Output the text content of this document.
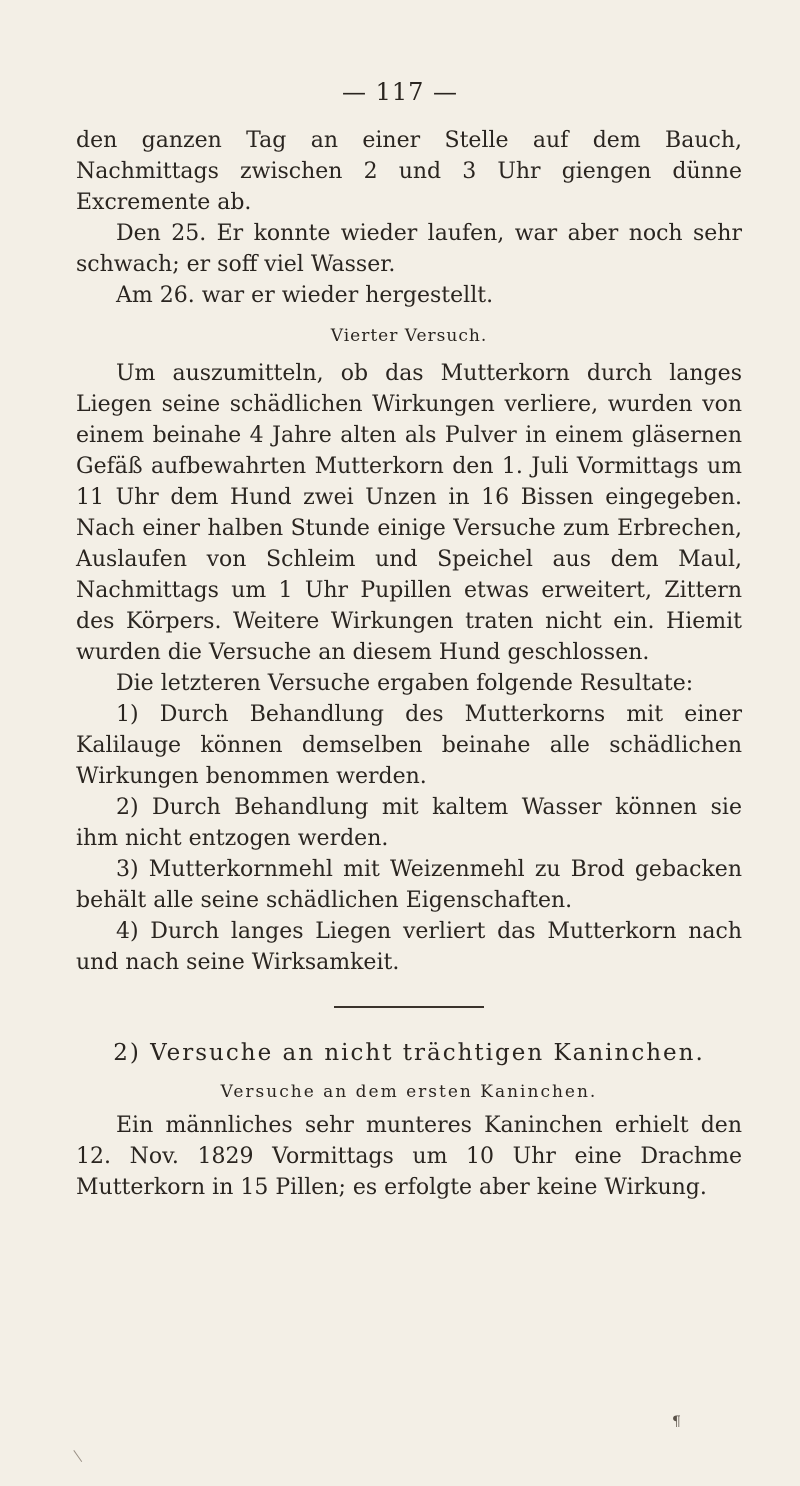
— 117 —

den ganzen Tag an einer Stelle auf dem Bauch, Nachmittags zwischen 2 und 3 Uhr giengen dünne Excremente ab.

Den 25. Er konnte wieder laufen, war aber noch sehr schwach; er soff viel Wasser.

Am 26. war er wieder hergestellt.

Vierter Versuch.

Um auszumitteln, ob das Mutterkorn durch langes Liegen seine schädlichen Wirkungen verliere, wurden von einem beinahe 4 Jahre alten als Pulver in einem gläsernen Gefäß aufbewahrten Mutterkorn den 1. Juli Vormittags um 11 Uhr dem Hund zwei Unzen in 16 Bissen eingegeben. Nach einer halben Stunde einige Versuche zum Erbrechen, Auslaufen von Schleim und Speichel aus dem Maul, Nachmittags um 1 Uhr Pupillen etwas erweitert, Zittern des Körpers. Weitere Wirkungen traten nicht ein. Hiemit wurden die Versuche an diesem Hund geschlossen.

Die letzteren Versuche ergaben folgende Resultate:

1) Durch Behandlung des Mutterkorns mit einer Kalilauge können demselben beinahe alle schädlichen Wirkungen benommen werden.

2) Durch Behandlung mit kaltem Wasser können sie ihm nicht entzogen werden.

3) Mutterkornmehl mit Weizenmehl zu Brod gebacken behält alle seine schädlichen Eigenschaften.

4) Durch langes Liegen verliert das Mutterkorn nach und nach seine Wirksamkeit.

2) Versuche an nicht trächtigen Kaninchen.

Versuche an dem ersten Kaninchen.

Ein männliches sehr munteres Kaninchen erhielt den 12. Nov. 1829 Vormittags um 10 Uhr eine Drachme Mutterkorn in 15 Pillen; es erfolgte aber keine Wirkung.

¶
